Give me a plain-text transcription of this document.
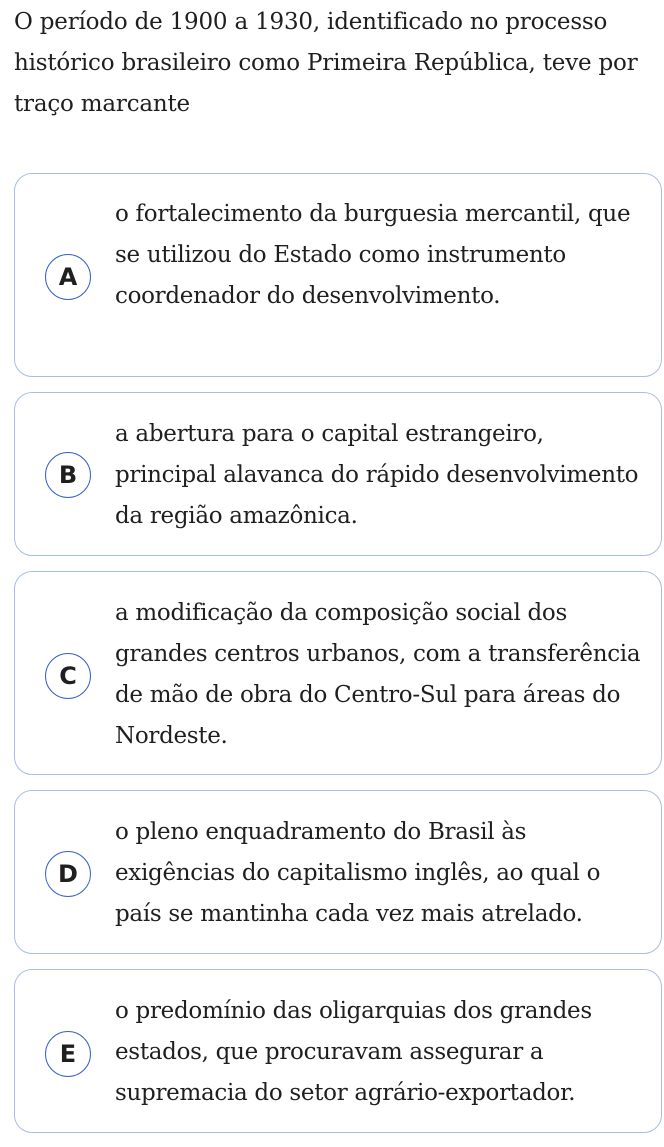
O período de 1900 a 1930, identificado no processo histórico brasileiro como Primeira República, teve por traço marcante
A
o fortalecimento da burguesia mercantil, que se utilizou do Estado como instrumento coordenador do desenvolvimento.
B
a abertura para o capital estrangeiro, principal alavanca do rápido desenvolvimento da região amazônica.
C
a modificação da composição social dos grandes centros urbanos, com a transferência de mão de obra do Centro-Sul para áreas do Nordeste.
D
o pleno enquadramento do Brasil às exigências do capitalismo inglês, ao qual o país se mantinha cada vez mais atrelado.
E
o predomínio das oligarquias dos grandes estados, que procuravam assegurar a supremacia do setor agrário-exportador.
